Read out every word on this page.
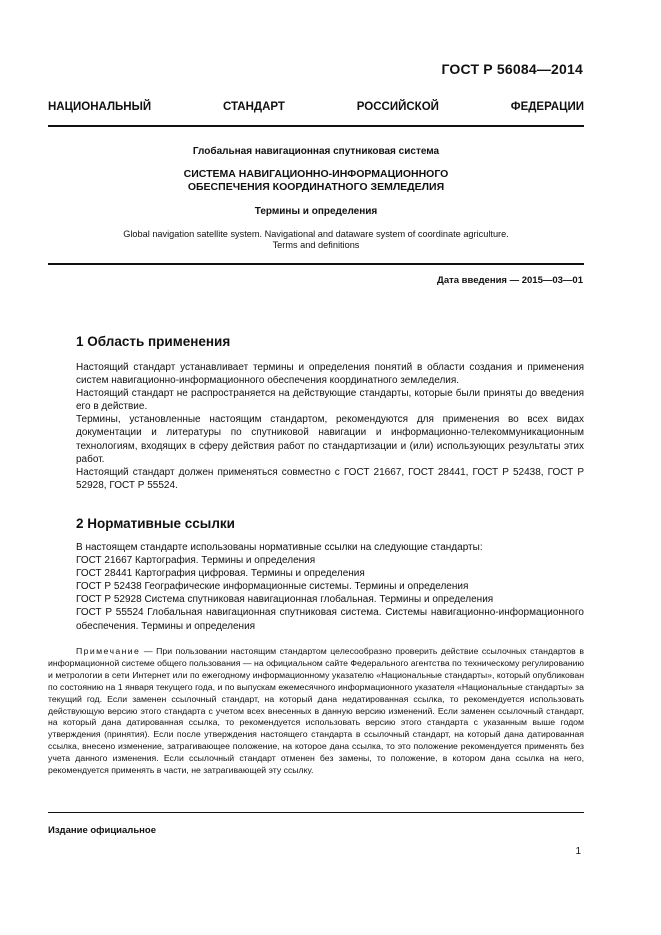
ГОСТ Р 56084—2014
НАЦИОНАЛЬНЫЙ СТАНДАРТ РОССИЙСКОЙ ФЕДЕРАЦИИ
Глобальная навигационная спутниковая система
СИСТЕМА НАВИГАЦИОННО-ИНФОРМАЦИОННОГО
ОБЕСПЕЧЕНИЯ КООРДИНАТНОГО ЗЕМЛЕДЕЛИЯ
Термины и определения
Global navigation satellite system. Navigational and dataware system of coordinate agriculture.
Terms and definitions
Дата введения — 2015—03—01
1 Область применения

Настоящий стандарт устанавливает термины и определения понятий в области создания и применения систем навигационно-информационного обеспечения координатного земледелия.

Настоящий стандарт не распространяется на действующие стандарты, которые были приняты до введения его в действие.

Термины, установленные настоящим стандартом, рекомендуются для применения во всех видах документации и литературы по спутниковой навигации и информационно-телекоммуникационным технологиям, входящих в сферу действия работ по стандартизации и (или) использующих результаты этих работ.

Настоящий стандарт должен применяться совместно с ГОСТ 21667, ГОСТ 28441, ГОСТ Р 52438, ГОСТ Р 52928, ГОСТ Р 55524.

2 Нормативные ссылки

В настоящем стандарте использованы нормативные ссылки на следующие стандарты:

ГОСТ 21667 Картография. Термины и определения

ГОСТ 28441 Картография цифровая. Термины и определения

ГОСТ Р 52438 Географические информационные системы. Термины и определения

ГОСТ Р 52928 Система спутниковая навигационная глобальная. Термины и определения

ГОСТ Р 55524 Глобальная навигационная спутниковая система. Системы навигационно-информационного обеспечения. Термины и определения

Примечание — При пользовании настоящим стандартом целесообразно проверить действие ссылочных стандартов в информационной системе общего пользования — на официальном сайте Федерального агентства по техническому регулированию и метрологии в сети Интернет или по ежегодному информационному указателю «Национальные стандарты», который опубликован по состоянию на 1 января текущего года, и по выпускам ежемесячного информационного указателя «Национальные стандарты» за текущий год. Если заменен ссылочный стандарт, на который дана недатированная ссылка, то рекомендуется использовать действующую версию этого стандарта с учетом всех внесенных в данную версию изменений. Если заменен ссылочный стандарт, на который дана датированная ссылка, то рекомендуется использовать версию этого стандарта с указанным выше годом утверждения (принятия). Если после утверждения настоящего стандарта в ссылочный стандарт, на который дана датированная ссылка, внесено изменение, затрагивающее положение, на которое дана ссылка, то это положение рекомендуется применять без учета данного изменения. Если ссылочный стандарт отменен без замены, то положение, в котором дана ссылка на него, рекомендуется применять в части, не затрагивающей эту ссылку.
Издание официальное
1
